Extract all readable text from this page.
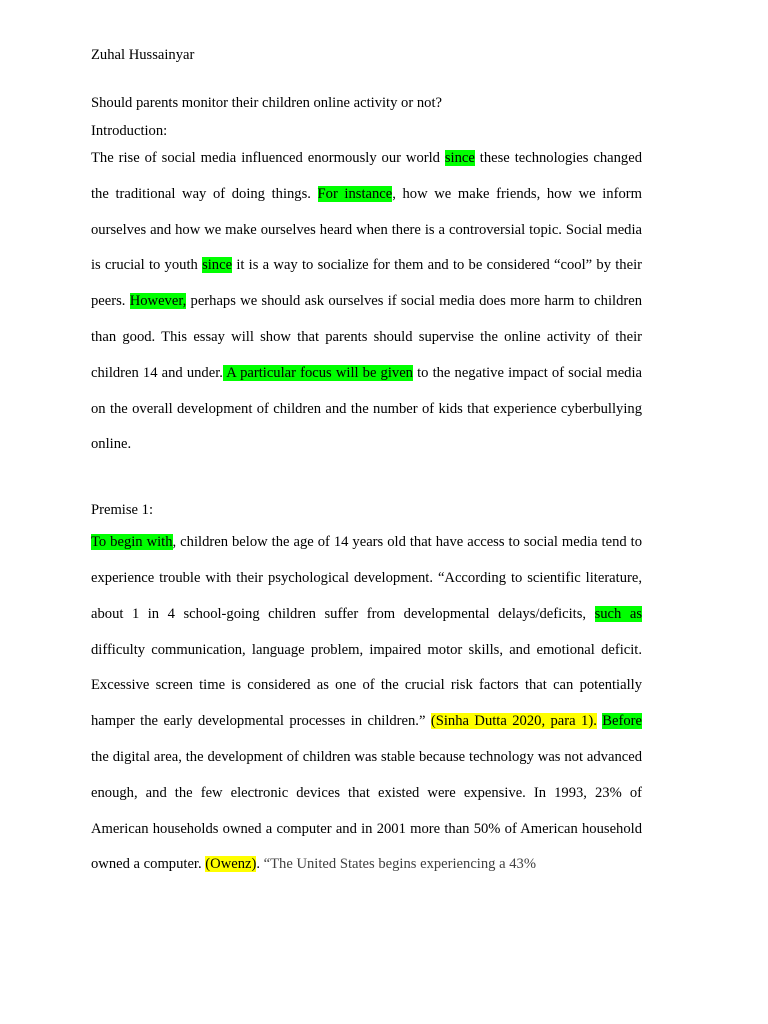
Zuhal Hussainyar

Should parents monitor their children online activity or not?

Introduction:

The rise of social media influenced enormously our world since these technologies changed the traditional way of doing things. For instance, how we make friends, how we inform ourselves and how we make ourselves heard when there is a controversial topic. Social media is crucial to youth since it is a way to socialize for them and to be considered “cool” by their peers. However, perhaps we should ask ourselves if social media does more harm to children than good. This essay will show that parents should supervise the online activity of their children 14 and under. A particular focus will be given to the negative impact of social media on the overall development of children and the number of kids that experience cyberbullying online.

Premise 1:

To begin with, children below the age of 14 years old that have access to social media tend to experience trouble with their psychological development. “According to scientific literature, about 1 in 4 school-going children suffer from developmental delays/deficits, such as difficulty communication, language problem, impaired motor skills, and emotional deficit. Excessive screen time is considered as one of the crucial risk factors that can potentially hamper the early developmental processes in children.” (Sinha Dutta 2020, para 1). Before the digital area, the development of children was stable because technology was not advanced enough, and the few electronic devices that existed were expensive. In 1993, 23% of American households owned a computer and in 2001 more than 50% of American household owned a computer. (Owenz). “The United States begins experiencing a 43%
